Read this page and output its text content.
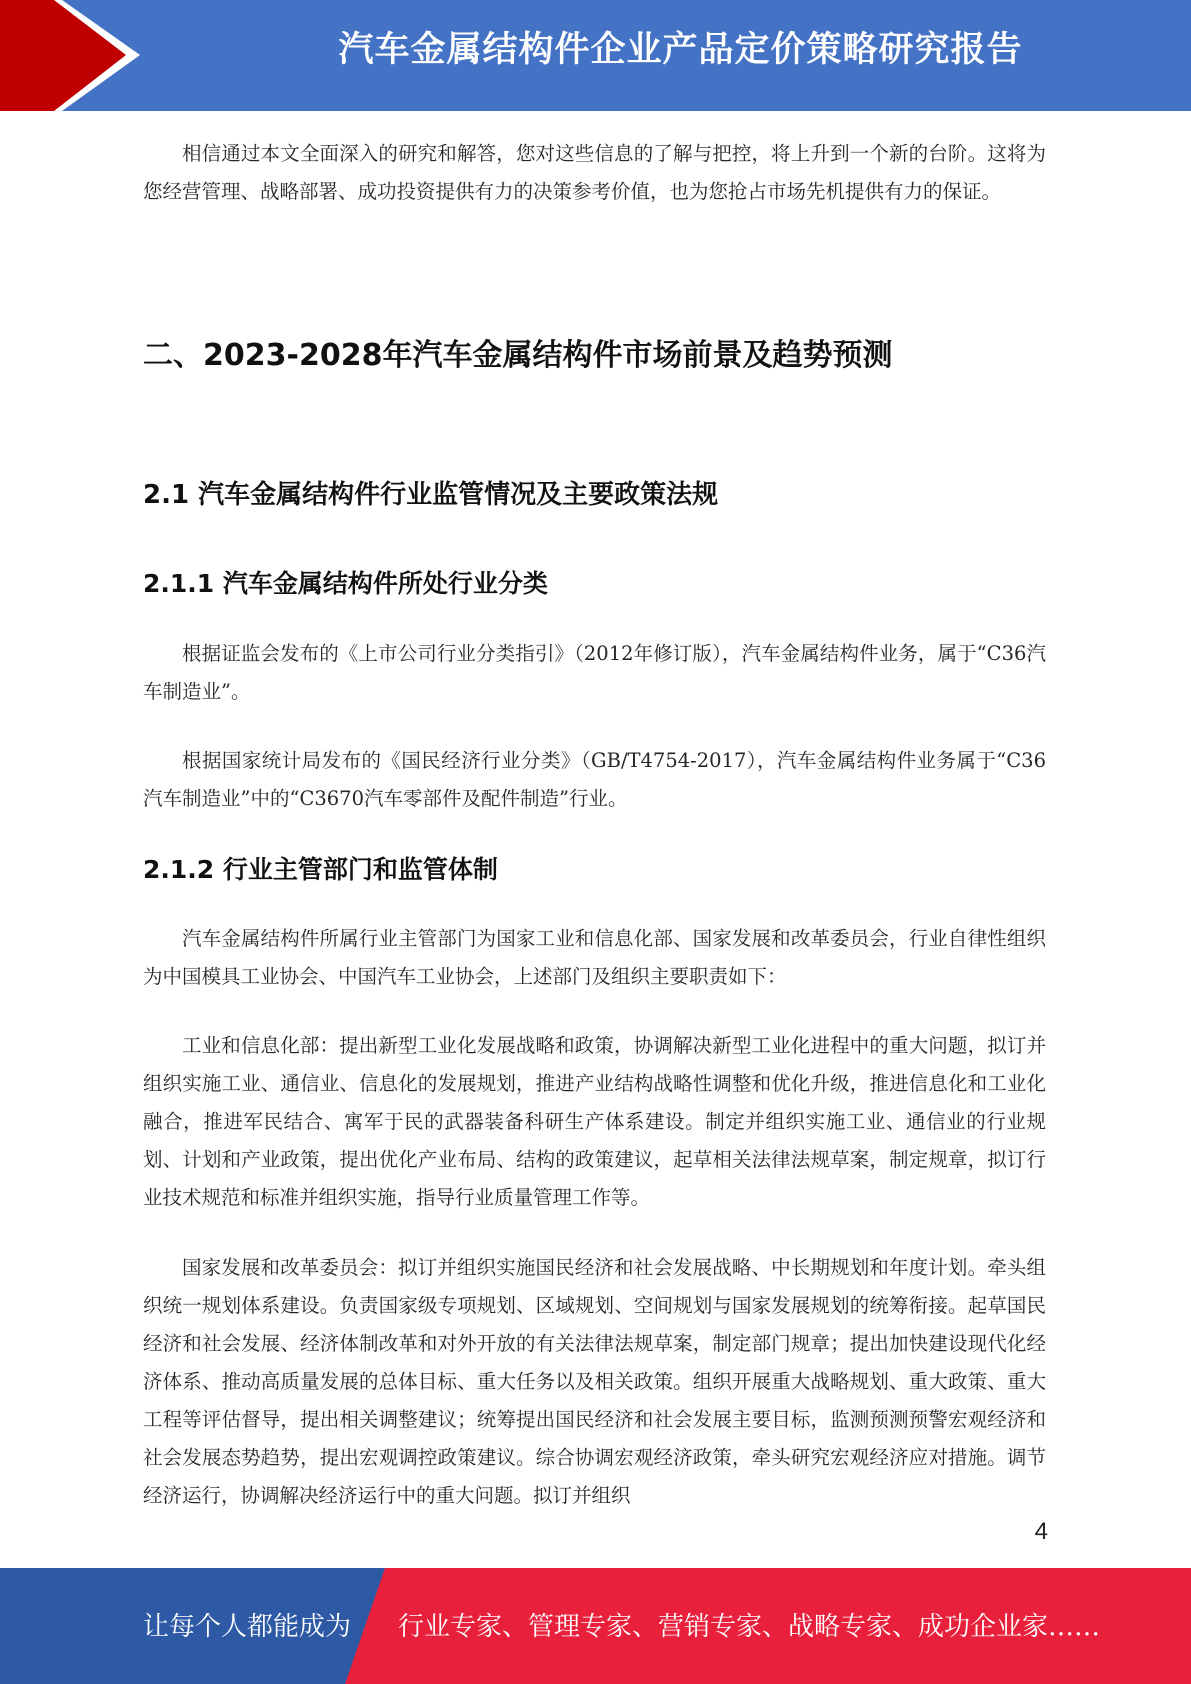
汽车金属结构件企业产品定价策略研究报告

相信通过本文全面深入的研究和解答，您对这些信息的了解与把控，将上升到一个新的台阶。这将为您经营管理、战略部署、成功投资提供有力的决策参考价值，也为您抢占市场先机提供有力的保证。

二、2023-2028年汽车金属结构件市场前景及趋势预测
2.1 汽车金属结构件行业监管情况及主要政策法规
2.1.1 汽车金属结构件所处行业分类

根据证监会发布的《上市公司行业分类指引》（2012年修订版），汽车金属结构件业务，属于“C36汽车制造业”。

根据国家统计局发布的《国民经济行业分类》（GB/T4754-2017），汽车金属结构件业务属于“C36汽车制造业”中的“C3670汽车零部件及配件制造”行业。

2.1.2 行业主管部门和监管体制

汽车金属结构件所属行业主管部门为国家工业和信息化部、国家发展和改革委员会，行业自律性组织为中国模具工业协会、中国汽车工业协会，上述部门及组织主要职责如下：

工业和信息化部：提出新型工业化发展战略和政策，协调解决新型工业化进程中的重大问题，拟订并组织实施工业、通信业、信息化的发展规划，推进产业结构战略性调整和优化升级，推进信息化和工业化融合，推进军民结合、寓军于民的武器装备科研生产体系建设。制定并组织实施工业、通信业的行业规划、计划和产业政策，提出优化产业布局、结构的政策建议，起草相关法律法规草案，制定规章，拟订行业技术规范和标准并组织实施，指导行业质量管理工作等。

国家发展和改革委员会：拟订并组织实施国民经济和社会发展战略、中长期规划和年度计划。牵头组织统一规划体系建设。负责国家级专项规划、区域规划、空间规划与国家发展规划的统筹衔接。起草国民经济和社会发展、经济体制改革和对外开放的有关法律法规草案，制定部门规章；提出加快建设现代化经济体系、推动高质量发展的总体目标、重大任务以及相关政策。组织开展重大战略规划、重大政策、重大工程等评估督导，提出相关调整建议；统筹提出国民经济和社会发展主要目标，监测预测预警宏观经济和社会发展态势趋势，提出宏观调控政策建议。综合协调宏观经济政策，牵头研究宏观经济应对措施。调节经济运行，协调解决经济运行中的重大问题。拟订并组织

4
让每个人都能成为 行业专家、管理专家、营销专家、战略专家、成功企业家……
